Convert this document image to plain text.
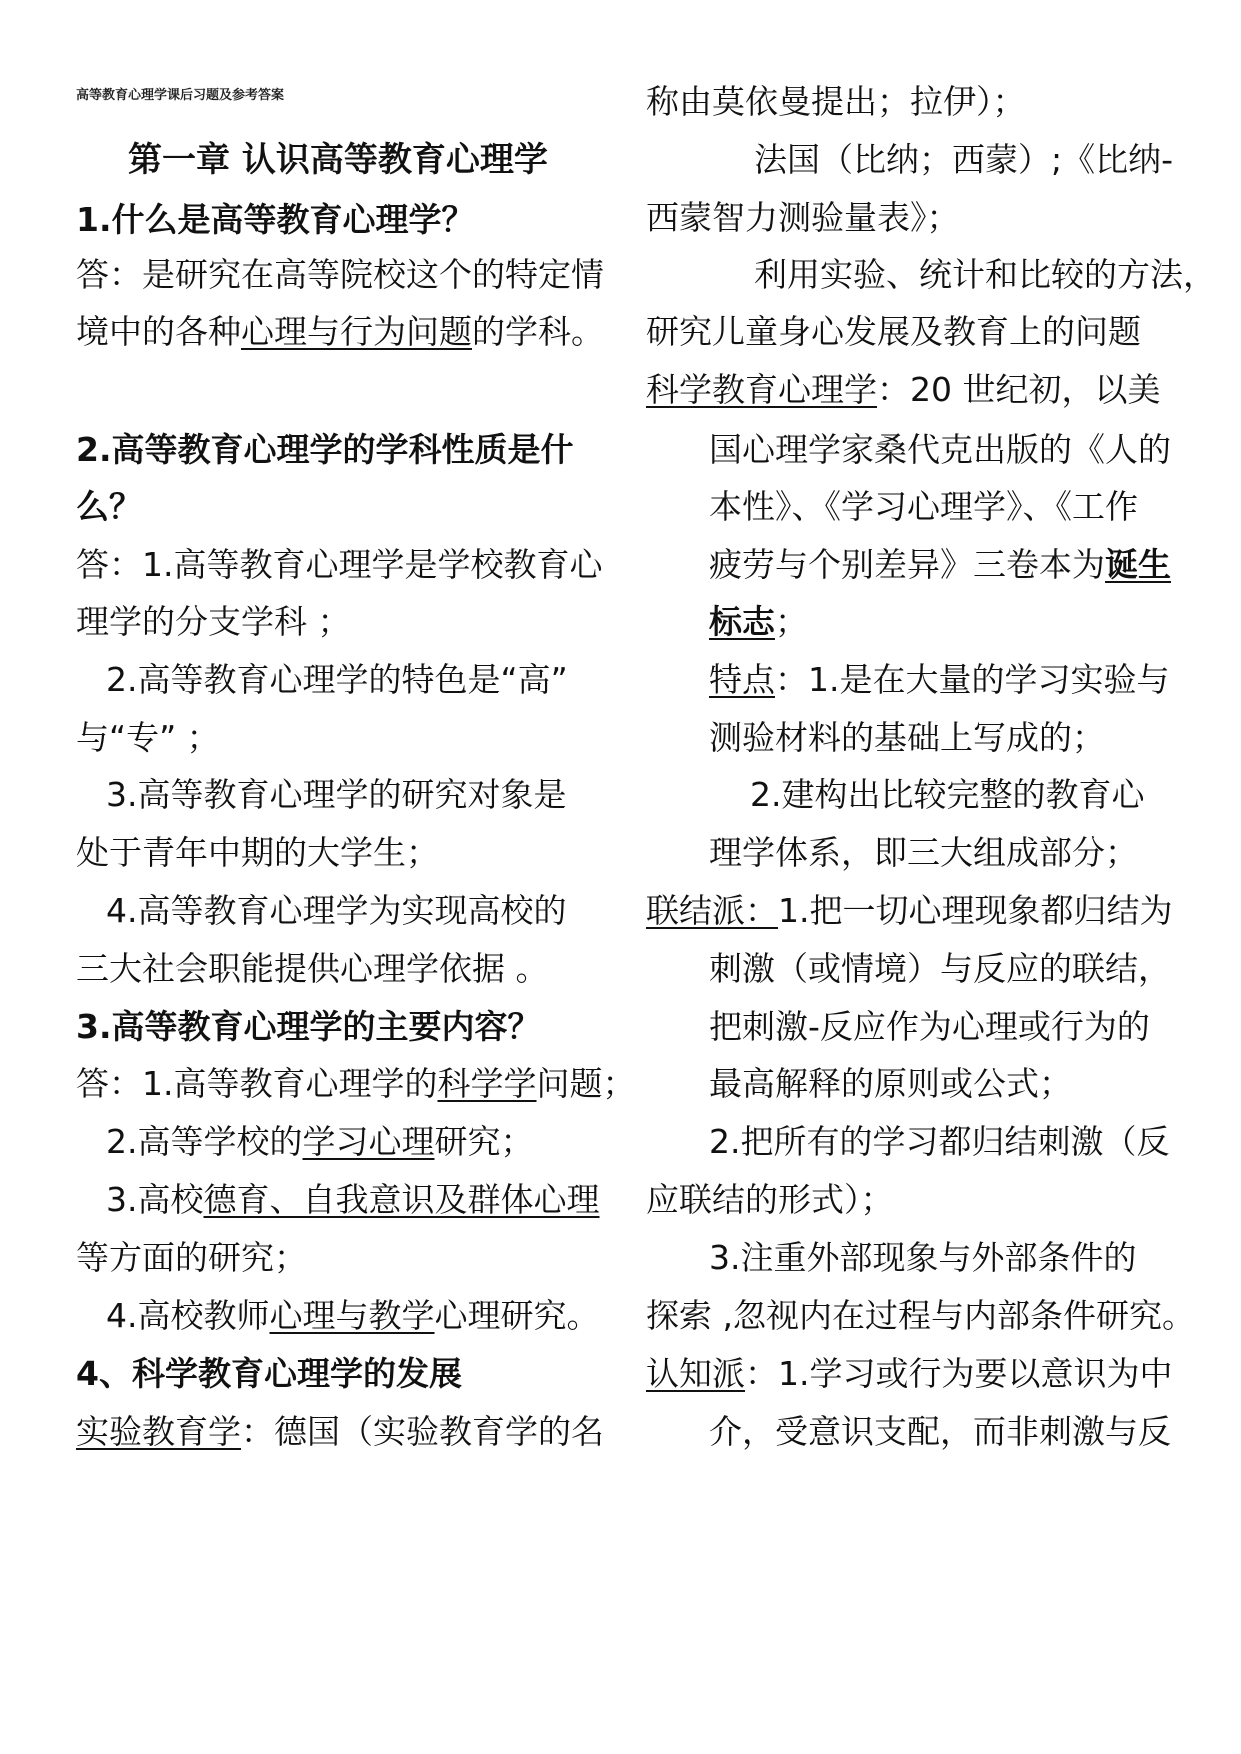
高等教育心理学课后习题及参考答案
第一章 认识高等教育心理学
1.什么是高等教育心理学？
答：是研究在高等院校这个的特定情
境中的各种心理与行为问题的学科。
2.高等教育心理学的学科性质是什
么？
答：1.高等教育心理学是学校教育心
理学的分支学科 ；
2.高等教育心理学的特色是“高”
与“专” ；
3.高等教育心理学的研究对象是
处于青年中期的大学生；
4.高等教育心理学为实现高校的
三大社会职能提供心理学依据 。
3.高等教育心理学的主要内容？
答：1.高等教育心理学的科学学问题；
2.高等学校的学习心理研究；
3.高校德育、自我意识及群体心理
等方面的研究；
4.高校教师心理与教学心理研究。
4、科学教育心理学的发展
实验教育学：德国（实验教育学的名
称由莫依曼提出；拉伊）；
法国（比纳；西蒙）;《比纳-
西蒙智力测验量表》；
利用实验、统计和比较的方法，
研究儿童身心发展及教育上的问题
科学教育心理学：20 世纪初，以美
国心理学家桑代克出版的《人的
本性》、《学习心理学》、《工作
疲劳与个别差异》三卷本为诞生
标志；
特点：1.是在大量的学习实验与
测验材料的基础上写成的；
2.建构出比较完整的教育心
理学体系，即三大组成部分；
联结派：1.把一切心理现象都归结为
刺激（或情境）与反应的联结，
把刺激-反应作为心理或行为的
最高解释的原则或公式；
2.把所有的学习都归结刺激（反
应联结的形式）；
3.注重外部现象与外部条件的
探索 ,忽视内在过程与内部条件研究。
认知派：1.学习或行为要以意识为中
介，受意识支配，而非刺激与反
